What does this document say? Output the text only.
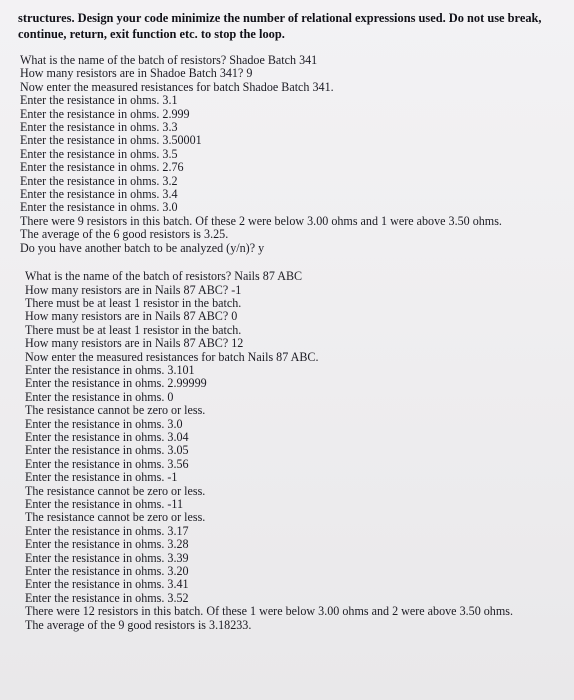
structures. Design your code minimize the number of relational expressions used. Do not use break, continue, return, exit function etc. to stop the loop.

What is the name of the batch of resistors? Shadoe Batch 341
How many resistors are in Shadoe Batch 341? 9
Now enter the measured resistances for batch Shadoe Batch 341.
Enter the resistance in ohms. 3.1
Enter the resistance in ohms. 2.999
Enter the resistance in ohms. 3.3
Enter the resistance in ohms. 3.50001
Enter the resistance in ohms. 3.5
Enter the resistance in ohms. 2.76
Enter the resistance in ohms. 3.2
Enter the resistance in ohms. 3.4
Enter the resistance in ohms. 3.0
There were 9 resistors in this batch. Of these 2 were below 3.00 ohms and 1 were above 3.50 ohms.
The average of the 6 good resistors is 3.25.
Do you have another batch to be analyzed (y/n)? y
What is the name of the batch of resistors? Nails 87 ABC
How many resistors are in Nails 87 ABC? -1
There must be at least 1 resistor in the batch.
How many resistors are in Nails 87 ABC? 0
There must be at least 1 resistor in the batch.
How many resistors are in Nails 87 ABC? 12
Now enter the measured resistances for batch Nails 87 ABC.
Enter the resistance in ohms. 3.101
Enter the resistance in ohms. 2.99999
Enter the resistance in ohms. 0
The resistance cannot be zero or less.
Enter the resistance in ohms. 3.0
Enter the resistance in ohms. 3.04
Enter the resistance in ohms. 3.05
Enter the resistance in ohms. 3.56
Enter the resistance in ohms. -1
The resistance cannot be zero or less.
Enter the resistance in ohms. -11
The resistance cannot be zero or less.
Enter the resistance in ohms. 3.17
Enter the resistance in ohms. 3.28
Enter the resistance in ohms. 3.39
Enter the resistance in ohms. 3.20
Enter the resistance in ohms. 3.41
Enter the resistance in ohms. 3.52
There were 12 resistors in this batch. Of these 1 were below 3.00 ohms and 2 were above 3.50 ohms.
The average of the 9 good resistors is 3.18233.
